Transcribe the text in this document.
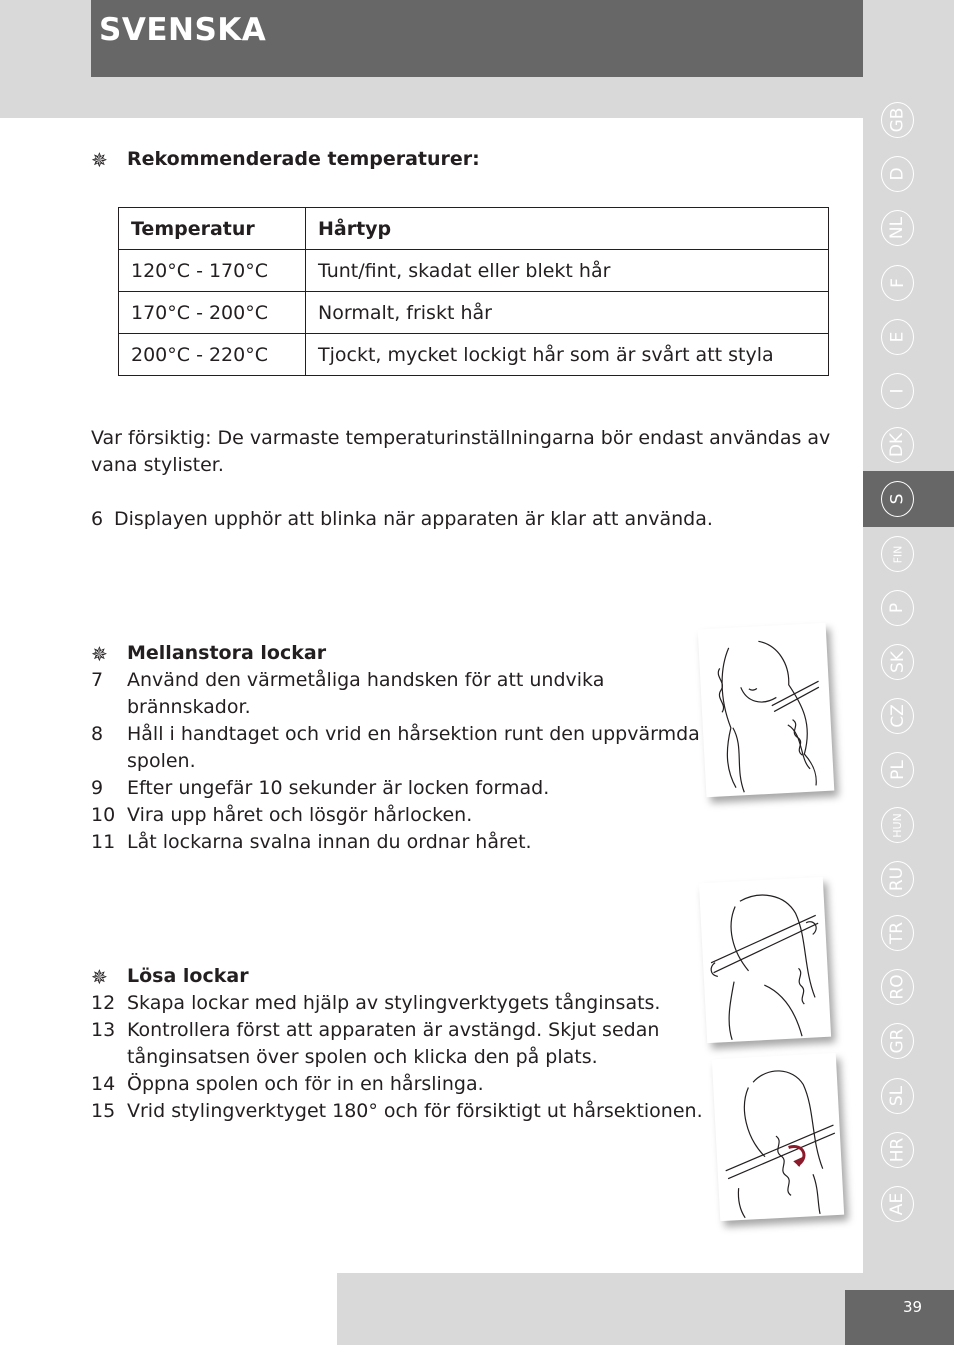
SVENSKA
✵ Rekommenderade temperaturer:
Temperatur	Hårtyp
120°C - 170°C	Tunt/fint, skadat eller blekt hår
170°C - 200°C	Normalt, friskt hår
200°C - 220°C	Tjockt, mycket lockigt hår som är svårt att styla
Var försiktig: De varmaste temperaturinställningarna bör endast användas av vana stylister.
6 Displayen upphör att blinka när apparaten är klar att använda.
✵ Mellanstora lockar
7 Använd den värmetåliga handsken för att undvika
brännskador.
8 Håll i handtaget och vrid en hårsektion runt den uppvärmda
spolen.
9 Efter ungefär 10 sekunder är locken formad.
10 Vira upp håret och lösgör hårlocken.
11 Låt lockarna svalna innan du ordnar håret.
✵ Lösa lockar
12 Skapa lockar med hjälp av stylingverktygets tånginsats.
13 Kontrollera först att apparaten är avstängd. Skjut sedan
tånginsatsen över spolen och klicka den på plats.
14 Öppna spolen och för in en hårslinga.
15 Vrid stylingverktyget 180° och för försiktigt ut hårsektionen.
GB
D
NL
F
E
I
DK
S
FIN
P
SK
CZ
PL
HUN
RU
TR
RO
GR
SL
HR
AE
39
